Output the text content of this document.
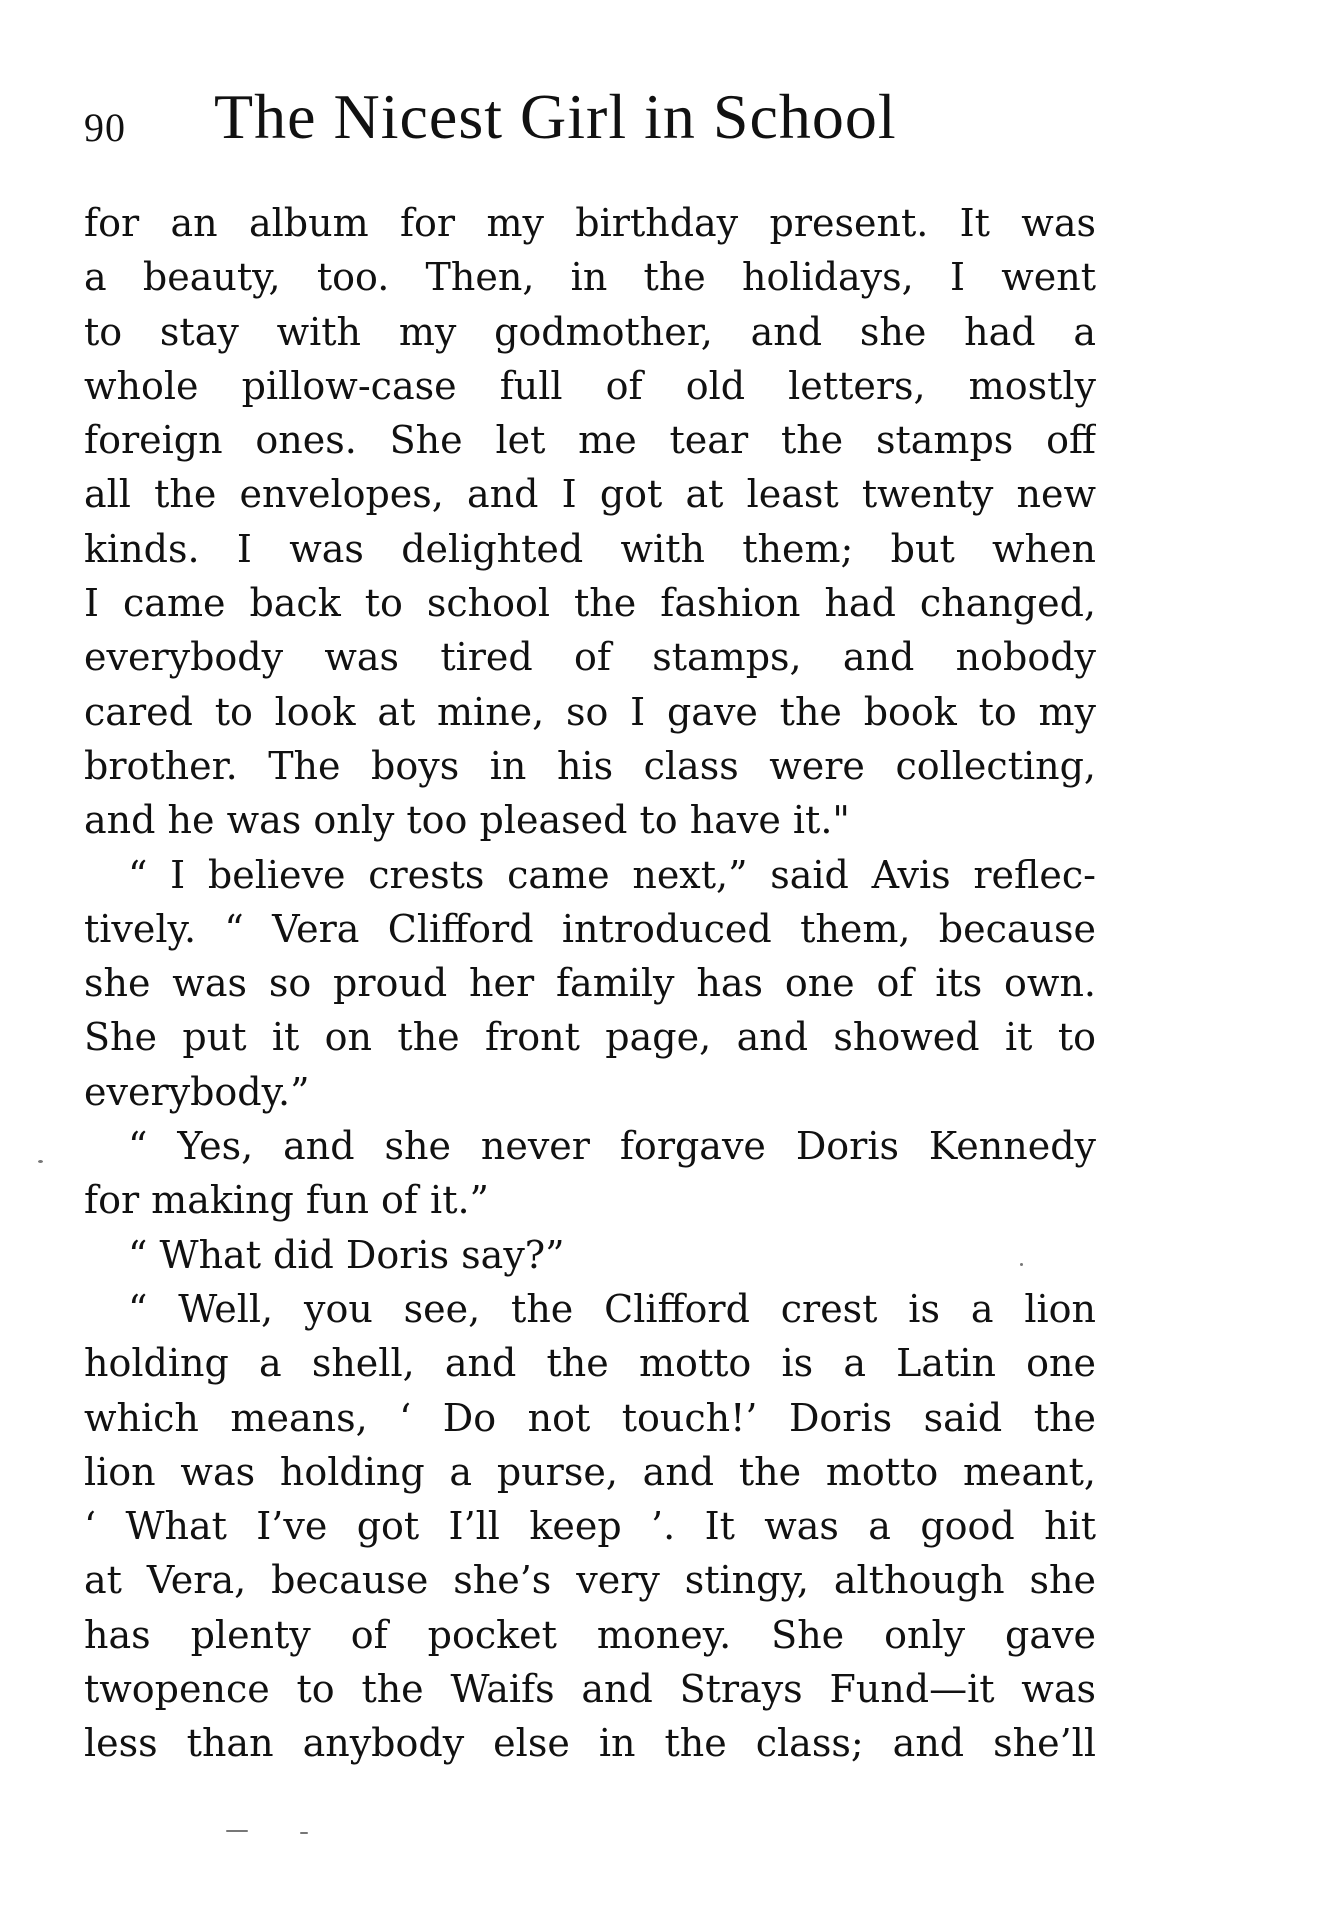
90 The Nicest Girl in School
for an album for my birthday present. It was
a beauty, too. Then, in the holidays, I went
to stay with my godmother, and she had a
whole pillow-case full of old letters, mostly
foreign ones. She let me tear the stamps off
all the envelopes, and I got at least twenty new
kinds. I was delighted with them; but when
I came back to school the fashion had changed,
everybody was tired of stamps, and nobody
cared to look at mine, so I gave the book to my
brother. The boys in his class were collecting,
and he was only too pleased to have it."
“ I believe crests came next,” said Avis reflec-
tively. “ Vera Clifford introduced them, because
she was so proud her family has one of its own.
She put it on the front page, and showed it to
everybody.”
“ Yes, and she never forgave Doris Kennedy
for making fun of it.”
“ What did Doris say?”
“ Well, you see, the Clifford crest is a lion
holding a shell, and the motto is a Latin one
which means, ‘ Do not touch!’ Doris said the
lion was holding a purse, and the motto meant,
‘ What I’ve got I’ll keep ’. It was a good hit
at Vera, because she’s very stingy, although she
has plenty of pocket money. She only gave
twopence to the Waifs and Strays Fund—it was
less than anybody else in the class; and she’ll
